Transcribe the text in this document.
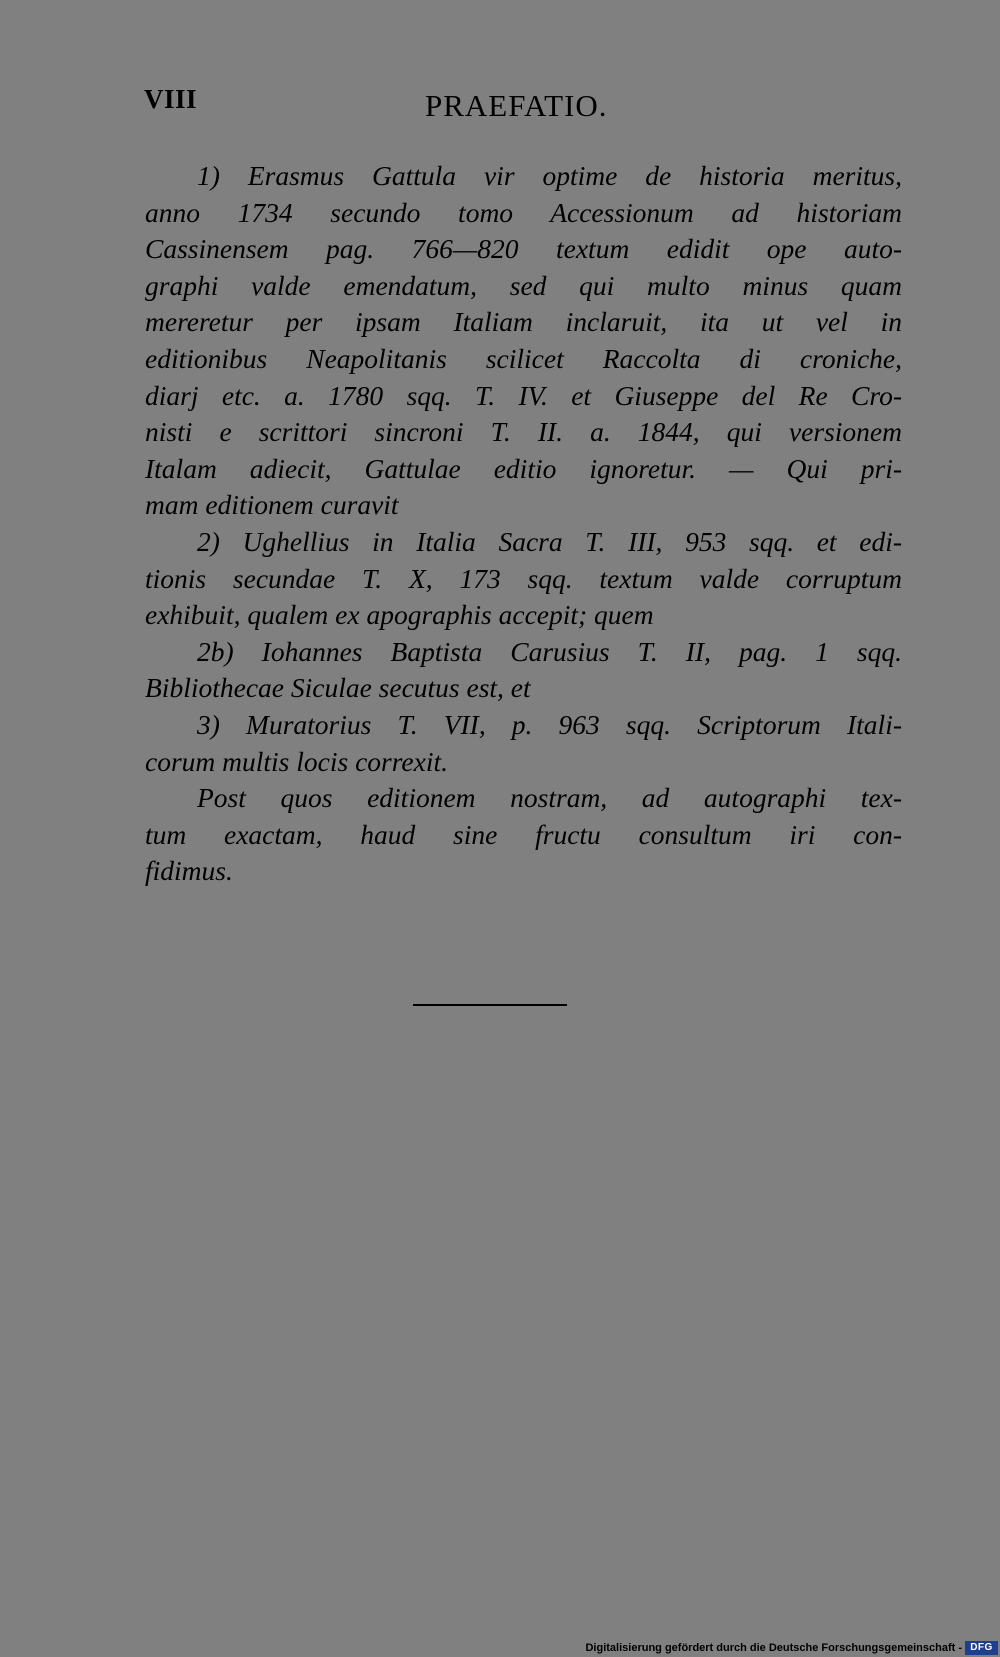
VIII	PRAEFATIO.
1) Erasmus Gattula vir optime de historia meritus,
anno 1734 secundo tomo Accessionum ad historiam
Cassinensem pag. 766—820 textum edidit ope auto-
graphi valde emendatum, sed qui multo minus quam
mereretur per ipsam Italiam inclaruit, ita ut vel in
editionibus Neapolitanis scilicet Raccolta di croniche,
diarj etc. a. 1780 sqq. T. IV. et Giuseppe del Re Cro-
nisti e scrittori sincroni T. II. a. 1844, qui versionem
Italam adiecit, Gattulae editio ignoretur. — Qui pri-
mam editionem curavit
2) Ughellius in Italia Sacra T. III, 953 sqq. et edi-
tionis secundae T. X, 173 sqq. textum valde corruptum
exhibuit, qualem ex apographis accepit; quem
2b) Iohannes Baptista Carusius T. II, pag. 1 sqq.
Bibliothecae Siculae secutus est, et
3) Muratorius T. VII, p. 963 sqq. Scriptorum Itali-
corum multis locis correxit.
Post quos editionem nostram, ad autographi tex-
tum exactam, haud sine fructu consultum iri con-
fidimus.
Digitalisierung gefördert durch die Deutsche Forschungsgemeinschaft - DFG
